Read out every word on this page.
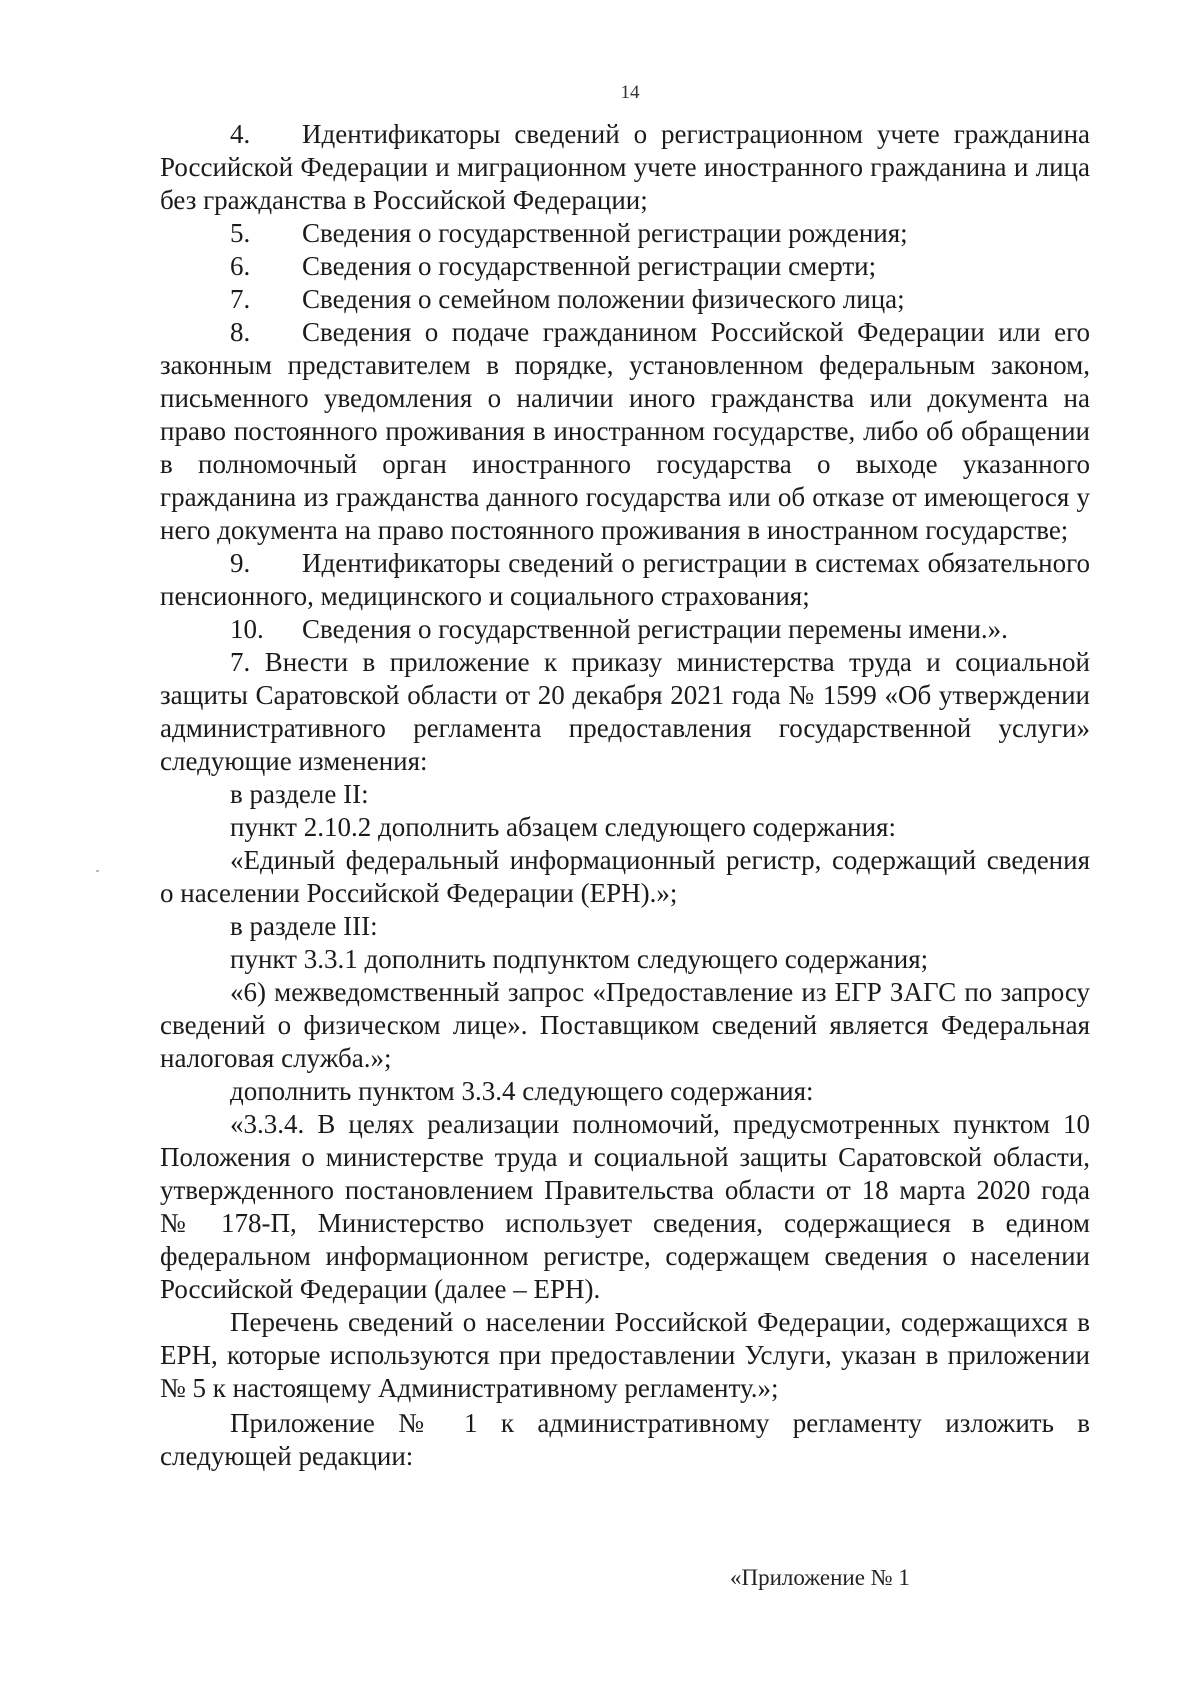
14

4. Идентификаторы сведений о регистрационном учете гражданина Российской Федерации и миграционном учете иностранного гражданина и лица без гражданства в Российской Федерации;

5. Сведения о государственной регистрации рождения;

6. Сведения о государственной регистрации смерти;

7. Сведения о семейном положении физического лица;

8. Сведения о подаче гражданином Российской Федерации или его законным представителем в порядке, установленном федеральным законом, письменного уведомления о наличии иного гражданства или документа на право постоянного проживания в иностранном государстве, либо об обращении в полномочный орган иностранного государства о выходе указанного гражданина из гражданства данного государства или об отказе от имеющегося у него документа на право постоянного проживания в иностранном государстве;

9. Идентификаторы сведений о регистрации в системах обязательного пенсионного, медицинского и социального страхования;

10. Сведения о государственной регистрации перемены имени.».

7. Внести в приложение к приказу министерства труда и социальной защиты Саратовской области от 20 декабря 2021 года № 1599 «Об утверждении административного регламента предоставления государственной услуги» следующие изменения:

в разделе II:

пункт 2.10.2 дополнить абзацем следующего содержания:

«Единый федеральный информационный регистр, содержащий сведения о населении Российской Федерации (ЕРН).»;

в разделе III:

пункт 3.3.1 дополнить подпунктом следующего содержания;

«6) межведомственный запрос «Предоставление из ЕГР ЗАГС по запросу сведений о физическом лице». Поставщиком сведений является Федеральная налоговая служба.»;

дополнить пунктом 3.3.4 следующего содержания:

«3.3.4. В целях реализации полномочий, предусмотренных пунктом 10 Положения о министерстве труда и социальной защиты Саратовской области, утвержденного постановлением Правительства области от 18 марта 2020 года № 178-П, Министерство использует сведения, содержащиеся в едином федеральном информационном регистре, содержащем сведения о населении Российской Федерации (далее – ЕРН).

Перечень сведений о населении Российской Федерации, содержащихся в ЕРН, которые используются при предоставлении Услуги, указан в приложении № 5 к настоящему Административному регламенту.»;

Приложение № 1 к административному регламенту изложить в следующей редакции:

«Приложение № 1
